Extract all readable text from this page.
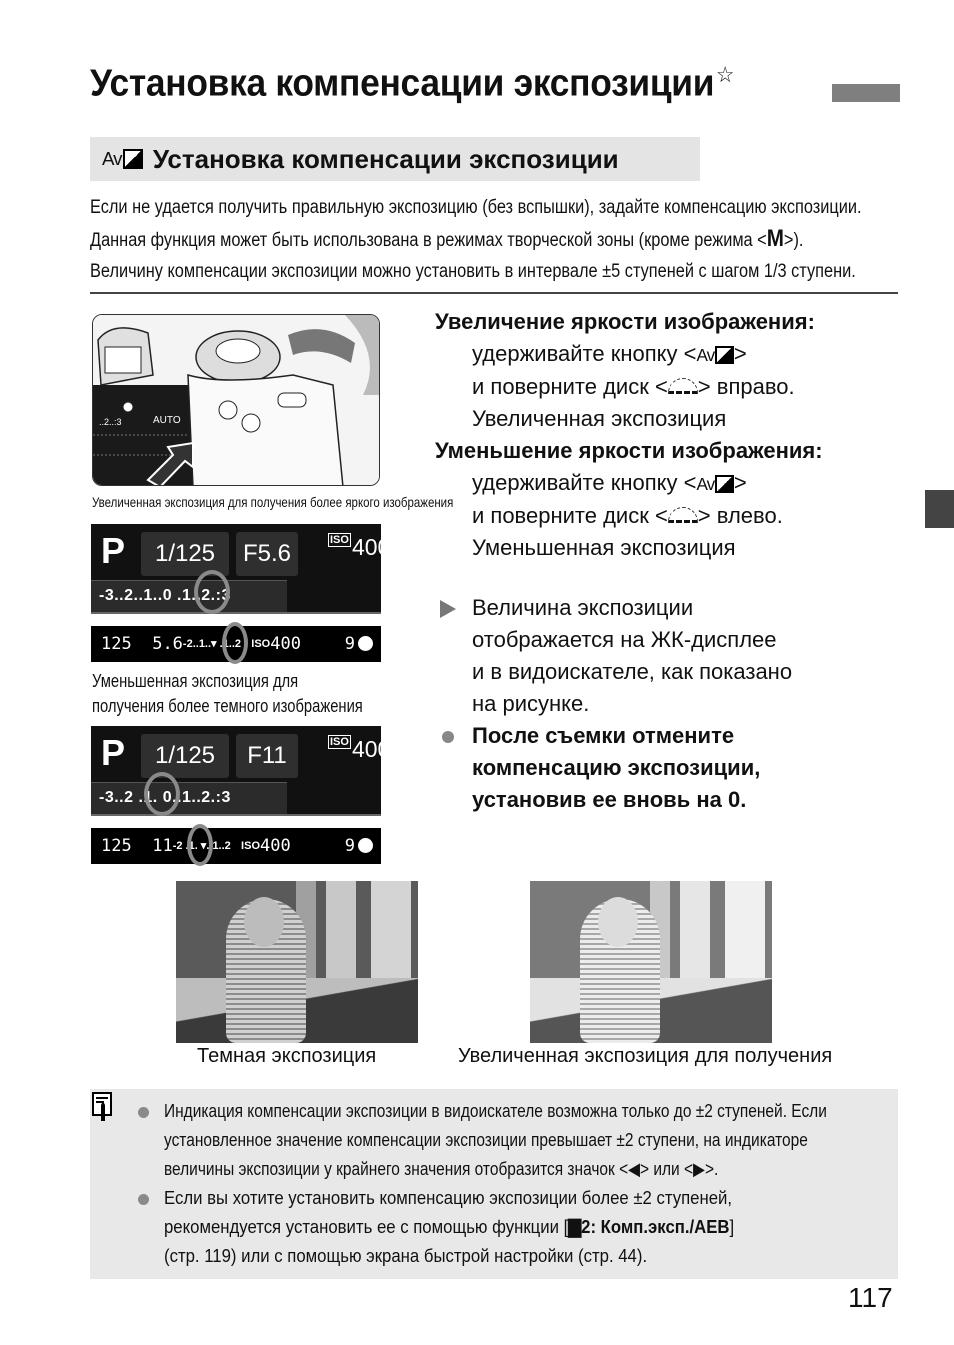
Установка компенсации экспозиции☆
Av Установка компенсации экспозиции
Если не удается получить правильную экспозицию (без вспышки), задайте компенсацию экспозиции.
Данная функция может быть использована в режимах творческой зоны (кроме режима <M>).
Величину компенсации экспозиции можно установить в интервале ±5 ступеней с шагом 1/3 ступени.
AUTO
..2..:3
Увеличенная экспозиция для получения более яркого изображения
P	1/125	F5.6	$^{ISO}$ 400
-3..2..1..0 .1..2.:3
125 $5.6^{-2..1..▾ .1..2}$ $^{ISO}$400	9
Уменьшенная экспозиция для
получения более темного изображения
P	1/125	F11	$^{ISO}$ 400
-3..2 .1. 0..1..2.:3
125 $11^{-2 .1. ▾..1..2}$ $^{ISO}$400	9
Увеличение яркости изображения:
удерживайте кнопку < Av >
и поверните диск < > вправо.
Увеличенная экспозиция
Уменьшение яркости изображения:
удерживайте кнопку < Av >
и поверните диск < > влево.
Уменьшенная экспозиция
Величина экспозиции
отображается на ЖК-дисплее
и в видоискателе, как показано
на рисунке.
После съемки отмените
компенсацию экспозиции,
установив ее вновь на 0.
Темная экспозиция	Увеличенная экспозиция для получения
Индикация компенсации экспозиции в видоискателе возможна только до ±2 ступеней. Если
установленное значение компенсации экспозиции превышает ±2 ступени, на индикаторе
величины экспозиции у крайнего значения отобразится значок <◀> или <▶>.
Если вы хотите установить компенсацию экспозиции более ±2 ступеней,
рекомендуется установить ее с помощью функции [▇2: Комп.эксп./AEB]
(стр. 119) или с помощью экрана быстрой настройки (стр. 44).
117
